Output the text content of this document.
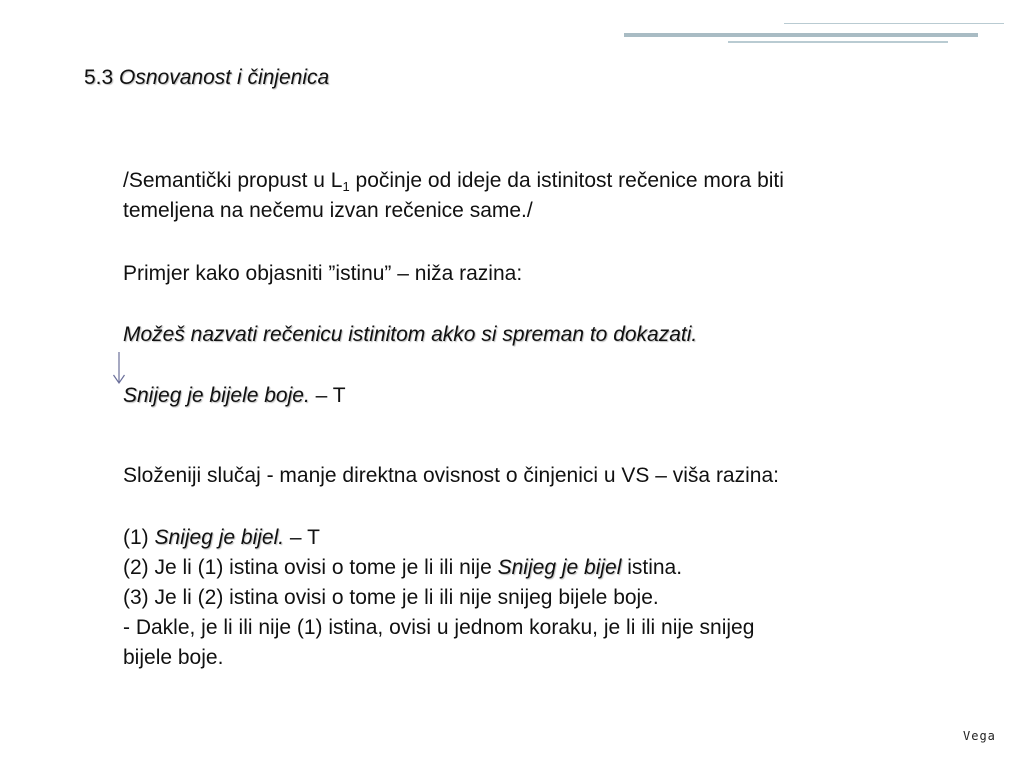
5.3 Osnovanost i činjenica
/Semantički propust u $L_1$ počinje od ideje da istinitost rečenice mora biti
temeljena na nečemu izvan rečenice same./
Primjer kako objasniti ”istinu” – niža razina:
Možeš nazvati rečenicu istinitom akko si spreman to dokazati.
Snijeg je bijele boje. – T
Složeniji slučaj - manje direktna ovisnost o činjenici u VS – viša razina:
(1) Snijeg je bijel. – T
(2) Je li (1) istina ovisi o tome je li ili nije Snijeg je bijel istina.
(3) Je li (2) istina ovisi o tome je li ili nije snijeg bijele boje.
- Dakle, je li ili nije (1) istina, ovisi u jednom koraku, je li ili nije snijeg
bijele boje.
Vega
